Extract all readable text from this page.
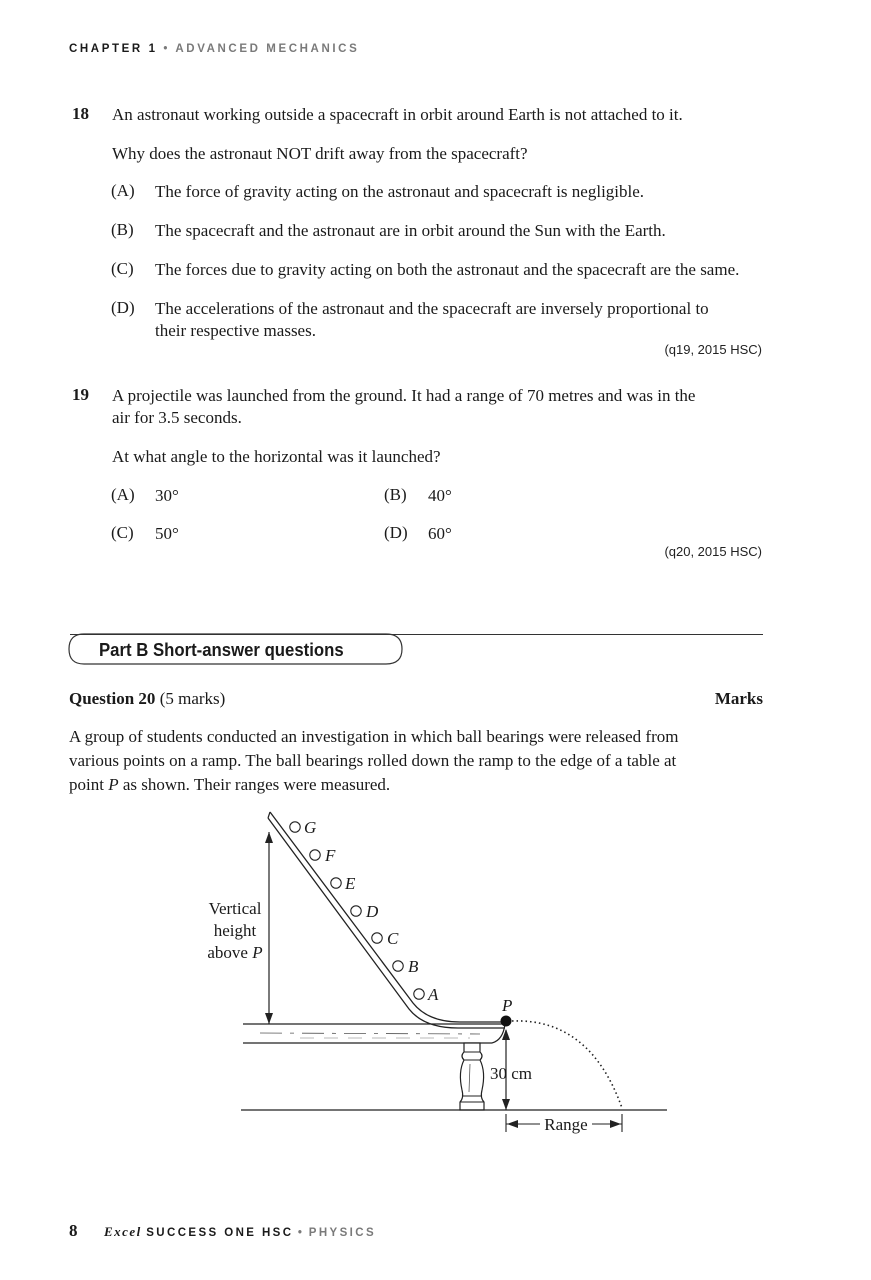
CHAPTER 1 • ADVANCED MECHANICS
18 An astronaut working outside a spacecraft in orbit around Earth is not attached to it.
Why does the astronaut NOT drift away from the spacecraft?
(A) The force of gravity acting on the astronaut and spacecraft is negligible.
(B) The spacecraft and the astronaut are in orbit around the Sun with the Earth.
(C) The forces due to gravity acting on both the astronaut and the spacecraft are the same.
(D) The accelerations of the astronaut and the spacecraft are inversely proportional to
their respective masses.
(q19, 2015 HSC)
19 A projectile was launched from the ground. It had a range of 70 metres and was in the
air for 3.5 seconds.
At what angle to the horizontal was it launched?
(A) 30°	(B) 40°
(C) 50°	(D) 60°
(q20, 2015 HSC)
Part B Short-answer questions
Question 20 (5 marks)	Marks
A group of students conducted an investigation in which ball bearings were released from
various points on a ramp. The ball bearings rolled down the ramp to the edge of a table at
point P as shown. Their ranges were measured.
G
F
E
D
C
B
A
P
Vertical
height
above P
30 cm
Range
8 Excel SUCCESS ONE HSC • PHYSICS
